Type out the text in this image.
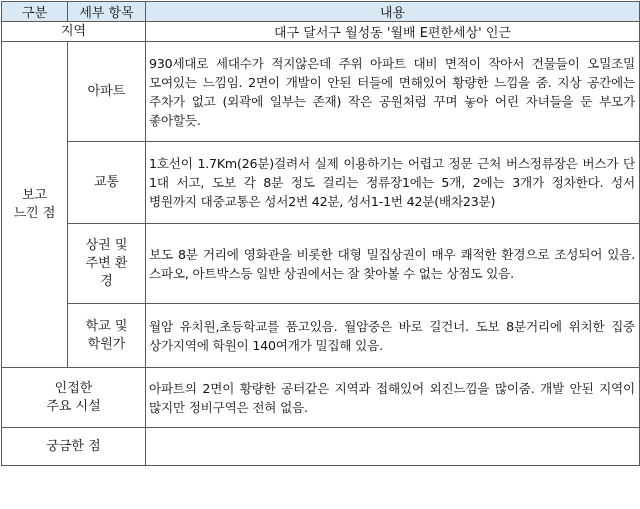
구분	세부 항목	내용
지역		대구 달서구 월성동 '월배 E편한세상' 인근
보고
느낀 점	아파트	930세대로 세대수가 적지않은데 주위 아파트 대비 면적이 작아서 건물들이 오밀조밀 모여있는 느낌임. 2면이 개발이 안된 터들에 면해있어 황량한 느낌을 줌. 지상 공간에는 주차가 없고 (외곽에 일부는 존재) 작은 공원처럼 꾸며 놓아 어린 자녀들을 둔 부모가 좋아할듯.
	교통	1호선이 1.7Km(26분)걸려서 실제 이용하기는 어렵고 정문 근처 버스정류장은 버스가 단 1대 서고, 도보 각 8분 정도 걸리는 정류장1에는 5개, 2에는 3개가 정차한다. 성서 병원까지 대중교통은 성서2번 42분, 성서1-1번 42분(배차23분)
	상권 및
주변 환
경	보도 8분 거리에 영화관을 비롯한 대형 밀집상권이 매우 쾌적한 환경으로 조성되어 있음. 스파오, 아트박스등 일반 상권에서는 잘 찾아볼 수 없는 상점도 있음.
	학교 및
학원가	월암 유치원,초등학교를 품고있음. 월암중은 바로 길건너. 도보 8분거리에 위치한 집중 상가지역에 학원이 140여개가 밀집해 있음.
인접한
주요 시설		아파트의 2면이 황량한 공터같은 지역과 접해있어 외진느낌을 많이줌. 개발 안된 지역이 많지만 정비구역은 전혀 없음.
궁금한 점		
